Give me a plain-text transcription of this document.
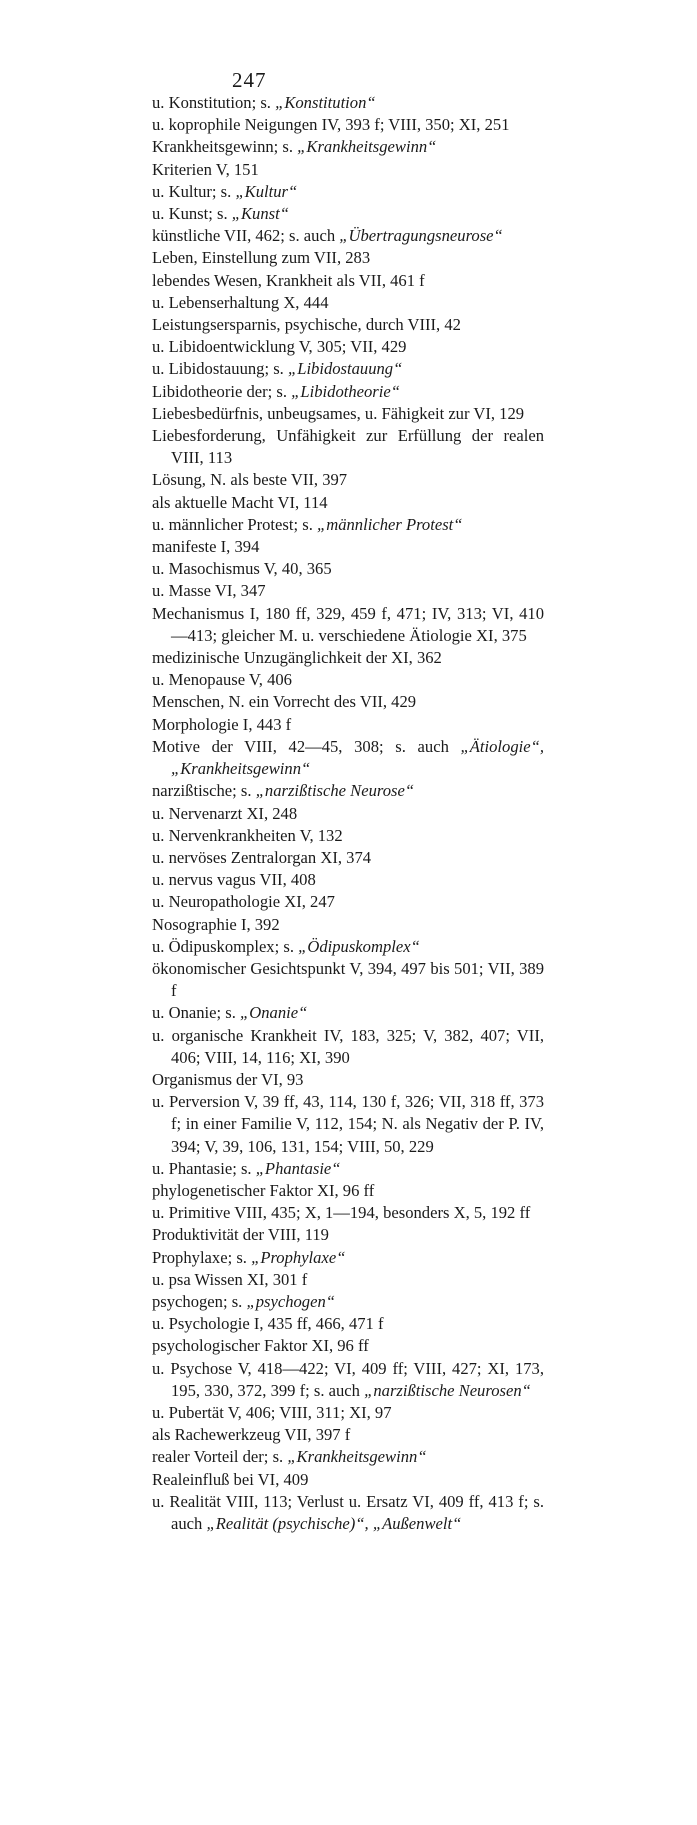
247
u. Konstitution; s. „Konstitution“
u. koprophile Neigungen IV, 393 f; VIII, 350; XI, 251
Krankheitsgewinn; s. „Krankheitsgewinn“
Kriterien V, 151
u. Kultur; s. „Kultur“
u. Kunst; s. „Kunst“
künstliche VII, 462; s. auch „Übertragungsneurose“
Leben, Einstellung zum VII, 283
lebendes Wesen, Krankheit als VII, 461 f
u. Lebenserhaltung X, 444
Leistungsersparnis, psychische, durch VIII, 42
u. Libidoentwicklung V, 305; VII, 429
u. Libidostauung; s. „Libidostauung“
Libidotheorie der; s. „Libidotheorie“
Liebesbedürfnis, unbeugsames, u. Fähigkeit zur VI, 129
Liebesforderung, Unfähigkeit zur Erfüllung der realen VIII, 113
Lösung, N. als beste VII, 397
als aktuelle Macht VI, 114
u. männlicher Protest; s. „männlicher Protest“
manifeste I, 394
u. Masochismus V, 40, 365
u. Masse VI, 347
Mechanismus I, 180 ff, 329, 459 f, 471; IV, 313; VI, 410—413; gleicher M. u. verschiedene Ätiologie XI, 375
medizinische Unzugänglichkeit der XI, 362
u. Menopause V, 406
Menschen, N. ein Vorrecht des VII, 429
Morphologie I, 443 f
Motive der VIII, 42—45, 308; s. auch „Ätiologie“, „Krankheitsgewinn“
narzißtische; s. „narzißtische Neurose“
u. Nervenarzt XI, 248
u. Nervenkrankheiten V, 132
u. nervöses Zentralorgan XI, 374
u. nervus vagus VII, 408
u. Neuropathologie XI, 247
Nosographie I, 392
u. Ödipuskomplex; s. „Ödipuskomplex“
ökonomischer Gesichtspunkt V, 394, 497 bis 501; VII, 389 f
u. Onanie; s. „Onanie“
u. organische Krankheit IV, 183, 325; V, 382, 407; VII, 406; VIII, 14, 116; XI, 390
Organismus der VI, 93
u. Perversion V, 39 ff, 43, 114, 130 f, 326; VII, 318 ff, 373 f; in einer Familie V, 112, 154; N. als Negativ der P. IV, 394; V, 39, 106, 131, 154; VIII, 50, 229
u. Phantasie; s. „Phantasie“
phylogenetischer Faktor XI, 96 ff
u. Primitive VIII, 435; X, 1—194, besonders X, 5, 192 ff
Produktivität der VIII, 119
Prophylaxe; s. „Prophylaxe“
u. psa Wissen XI, 301 f
psychogen; s. „psychogen“
u. Psychologie I, 435 ff, 466, 471 f
psychologischer Faktor XI, 96 ff
u. Psychose V, 418—422; VI, 409 ff; VIII, 427; XI, 173, 195, 330, 372, 399 f; s. auch „narzißtische Neurosen“
u. Pubertät V, 406; VIII, 311; XI, 97
als Rachewerkzeug VII, 397 f
realer Vorteil der; s. „Krankheitsgewinn“
Realeinfluß bei VI, 409
u. Realität VIII, 113; Verlust u. Ersatz VI, 409 ff, 413 f; s. auch „Realität (psychische)“, „Außenwelt“
